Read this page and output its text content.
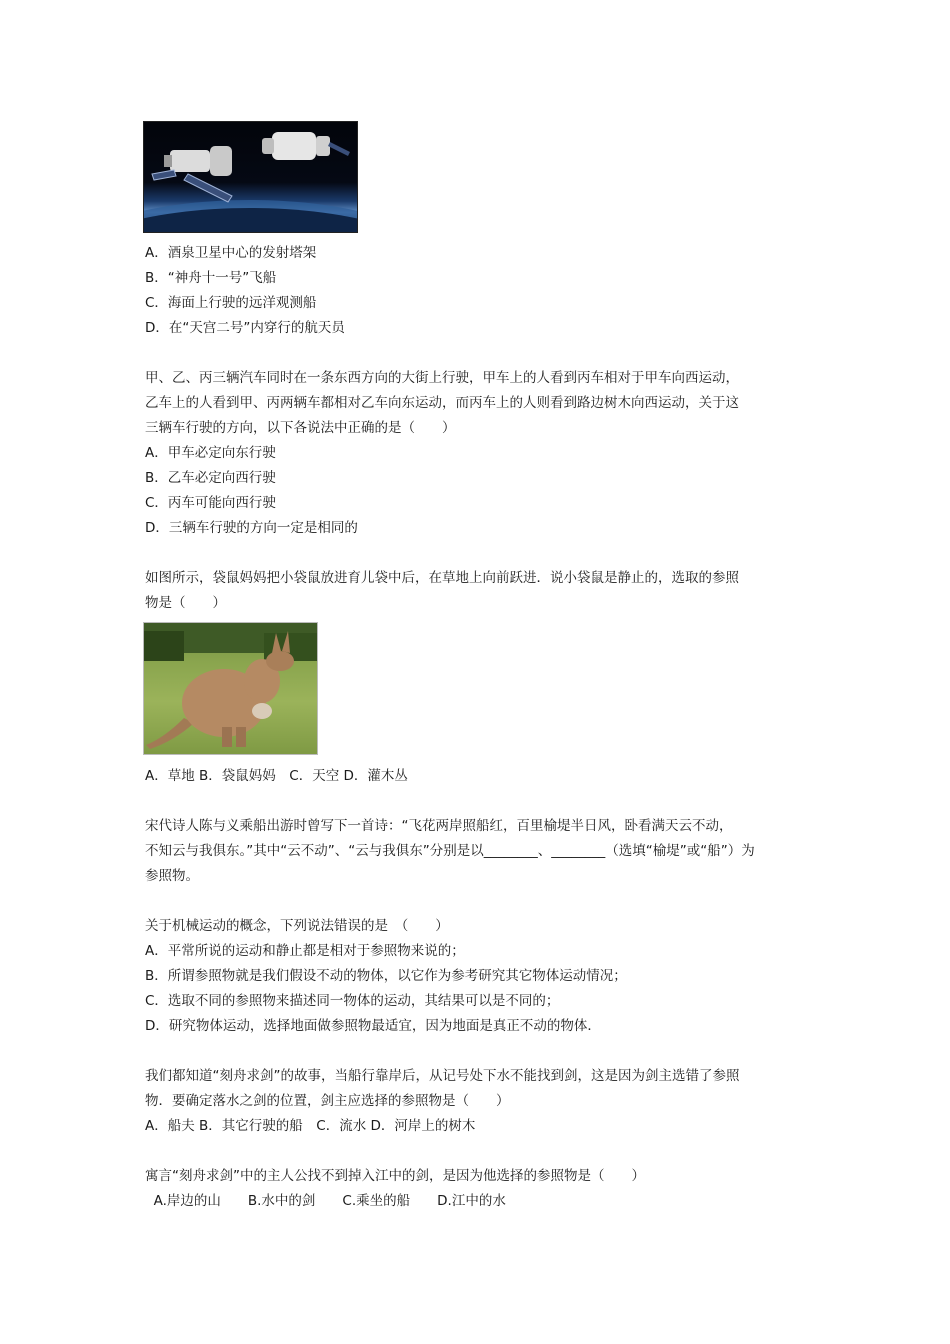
A．酒泉卫星中心的发射塔架
B．“神舟十一号”飞船
C．海面上行驶的远洋观测船
D．在“天宫二号”内穿行的航天员
甲、乙、丙三辆汽车同时在一条东西方向的大街上行驶，甲车上的人看到丙车相对于甲车向西运动，
乙车上的人看到甲、丙两辆车都相对乙车向东运动，而丙车上的人则看到路边树木向西运动，关于这
三辆车行驶的方向，以下各说法中正确的是（　　）
A．甲车必定向东行驶
B．乙车必定向西行驶
C．丙车可能向西行驶
D．三辆车行驶的方向一定是相同的
如图所示，袋鼠妈妈把小袋鼠放进育儿袋中后，在草地上向前跃进．说小袋鼠是静止的，选取的参照
物是（　　）
A．草地 B．袋鼠妈妈　C．天空 D．灌木丛
宋代诗人陈与义乘船出游时曾写下一首诗：“飞花两岸照船红，百里榆堤半日风，卧看满天云不动，
不知云与我俱东。”其中“云不动”、“云与我俱东”分别是以________、________（选填“榆堤”或“船”）为
参照物。
关于机械运动的概念，下列说法错误的是　（　　）
A．平常所说的运动和静止都是相对于参照物来说的；
B．所谓参照物就是我们假设不动的物体，以它作为参考研究其它物体运动情况；
C．选取不同的参照物来描述同一物体的运动，其结果可以是不同的；
D．研究物体运动，选择地面做参照物最适宜，因为地面是真正不动的物体．
我们都知道“刻舟求剑”的故事，当船行靠岸后，从记号处下水不能找到剑，这是因为剑主选错了参照
物．要确定落水之剑的位置，剑主应选择的参照物是（　　）
A．船夫 B．其它行驶的船　C．流水 D．河岸上的树木
寓言“刻舟求剑”中的主人公找不到掉入江中的剑，是因为他选择的参照物是（　　）
A.岸边的山　　B.水中的剑　　C.乘坐的船　　D.江中的水
